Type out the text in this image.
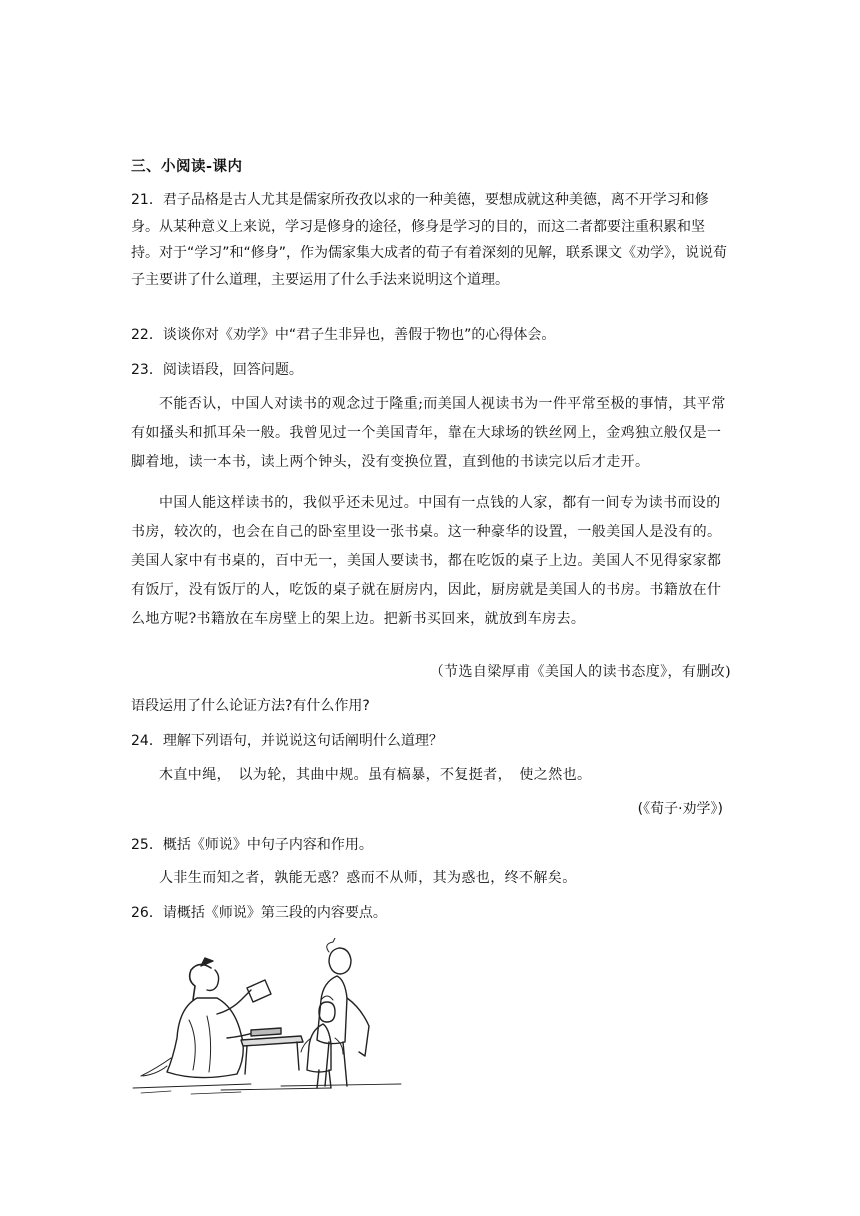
三、小阅读-课内
21．君子品格是古人尤其是儒家所孜孜以求的一种美德，要想成就这种美德，离不开学习和修身。从某种意义上来说，学习是修身的途径，修身是学习的目的，而这二者都要注重积累和坚持。对于“学习”和“修身”，作为儒家集大成者的荀子有着深刻的见解，联系课文《劝学》，说说荀子主要讲了什么道理，主要运用了什么手法来说明这个道理。
22．谈谈你对《劝学》中“君子生非异也，善假于物也”的心得体会。
23．阅读语段，回答问题。
不能否认，中国人对读书的观念过于隆重;而美国人视读书为一件平常至极的事情，其平常有如搔头和抓耳朵一般。我曾见过一个美国青年，靠在大球场的铁丝网上，金鸡独立般仅是一脚着地，读一本书，读上两个钟头，没有变换位置，直到他的书读完以后才走开。
中国人能这样读书的，我似乎还未见过。中国有一点钱的人家，都有一间专为读书而设的书房，较次的，也会在自己的卧室里设一张书桌。这一种豪华的设置，一般美国人是没有的。美国人家中有书桌的，百中无一，美国人要读书，都在吃饭的桌子上边。美国人不见得家家都有饭厅，没有饭厅的人，吃饭的桌子就在厨房内，因此，厨房就是美国人的书房。书籍放在什么地方呢?书籍放在车房壁上的架上边。把新书买回来，就放到车房去。
（节选自梁厚甫《美国人的读书态度》，有删改)
语段运用了什么论证方法?有什么作用?
24．理解下列语句，并说说这句话阐明什么道理？
木直中绳，　以为轮，其曲中规。虽有槁暴，不复挺者，　使之然也。
(《荀子·劝学》)
25．概括《师说》中句子内容和作用。
人非生而知之者，孰能无惑？惑而不从师，其为惑也，终不解矣。
26．请概括《师说》第三段的内容要点。
